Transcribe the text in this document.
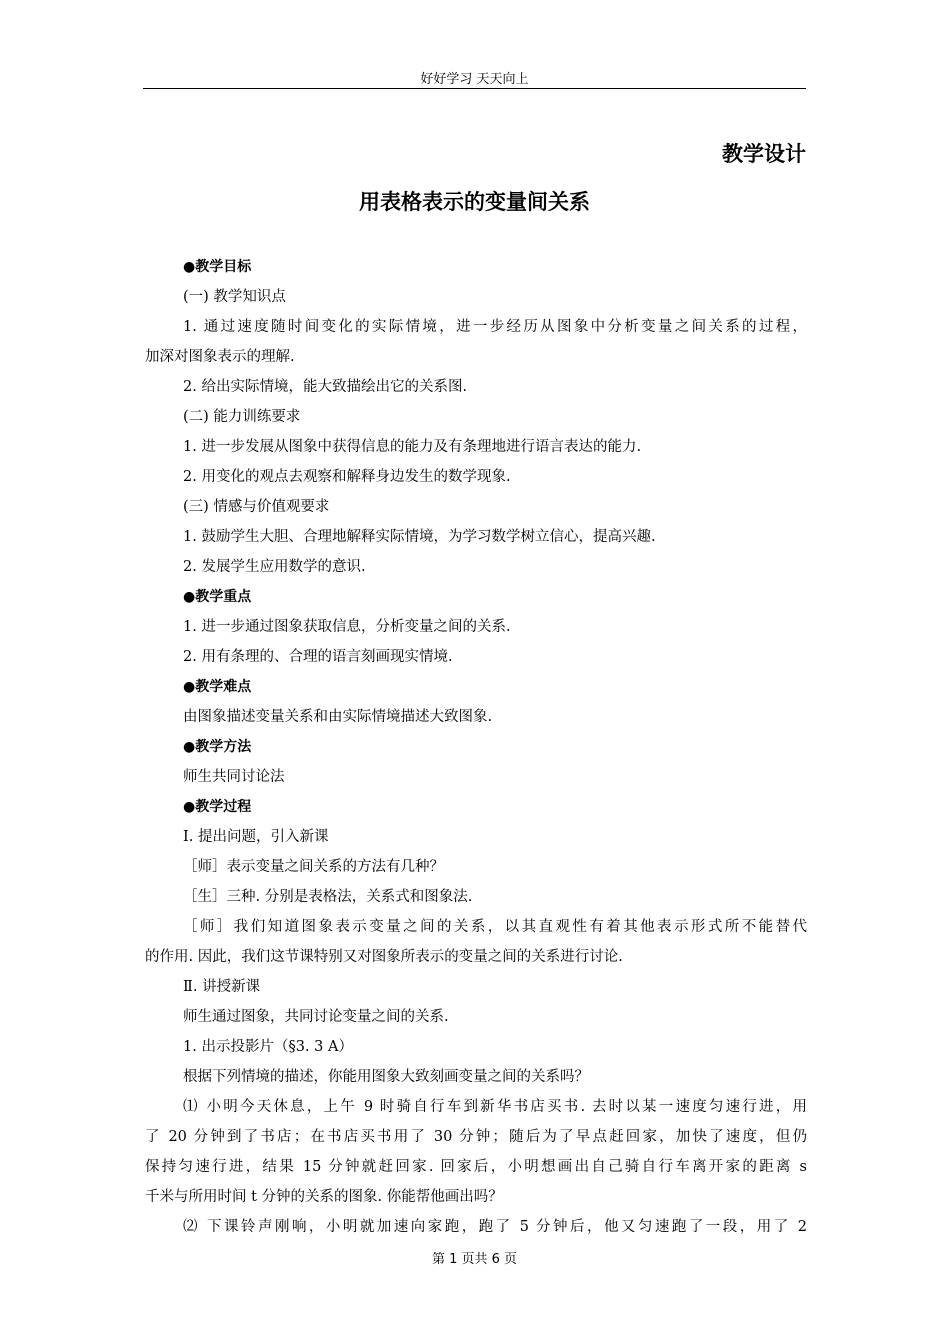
好好学习 天天向上
教学设计
用表格表示的变量间关系
●教学目标
(一) 教学知识点
1. 通过速度随时间变化的实际情境，进一步经历从图象中分析变量之间关系的过程，
加深对图象表示的理解.
2. 给出实际情境，能大致描绘出它的关系图.
(二) 能力训练要求
1. 进一步发展从图象中获得信息的能力及有条理地进行语言表达的能力.
2. 用变化的观点去观察和解释身边发生的数学现象.
(三) 情感与价值观要求
1. 鼓励学生大胆、合理地解释实际情境，为学习数学树立信心，提高兴趣.
2. 发展学生应用数学的意识.
●教学重点
1. 进一步通过图象获取信息，分析变量之间的关系.
2. 用有条理的、合理的语言刻画现实情境.
●教学难点
由图象描述变量关系和由实际情境描述大致图象.
●教学方法
师生共同讨论法
●教学过程
Ⅰ. 提出问题，引入新课
［师］表示变量之间关系的方法有几种？
［生］三种. 分别是表格法，关系式和图象法.
［师］我们知道图象表示变量之间的关系，以其直观性有着其他表示形式所不能替代
的作用. 因此，我们这节课特别又对图象所表示的变量之间的关系进行讨论.
Ⅱ. 讲授新课
师生通过图象，共同讨论变量之间的关系.
1. 出示投影片（§3. 3 A）
根据下列情境的描述，你能用图象大致刻画变量之间的关系吗？
⑴ 小明今天休息，上午 9 时骑自行车到新华书店买书. 去时以某一速度匀速行进，用
了 20 分钟到了书店；在书店买书用了 30 分钟；随后为了早点赶回家，加快了速度，但仍
保持匀速行进，结果 15 分钟就赶回家. 回家后，小明想画出自己骑自行车离开家的距离 s
千米与所用时间 t 分钟的关系的图象. 你能帮他画出吗？
⑵ 下课铃声刚响，小明就加速向家跑，跑了 5 分钟后，他又匀速跑了一段，用了 2
第 1 页共 6 页
